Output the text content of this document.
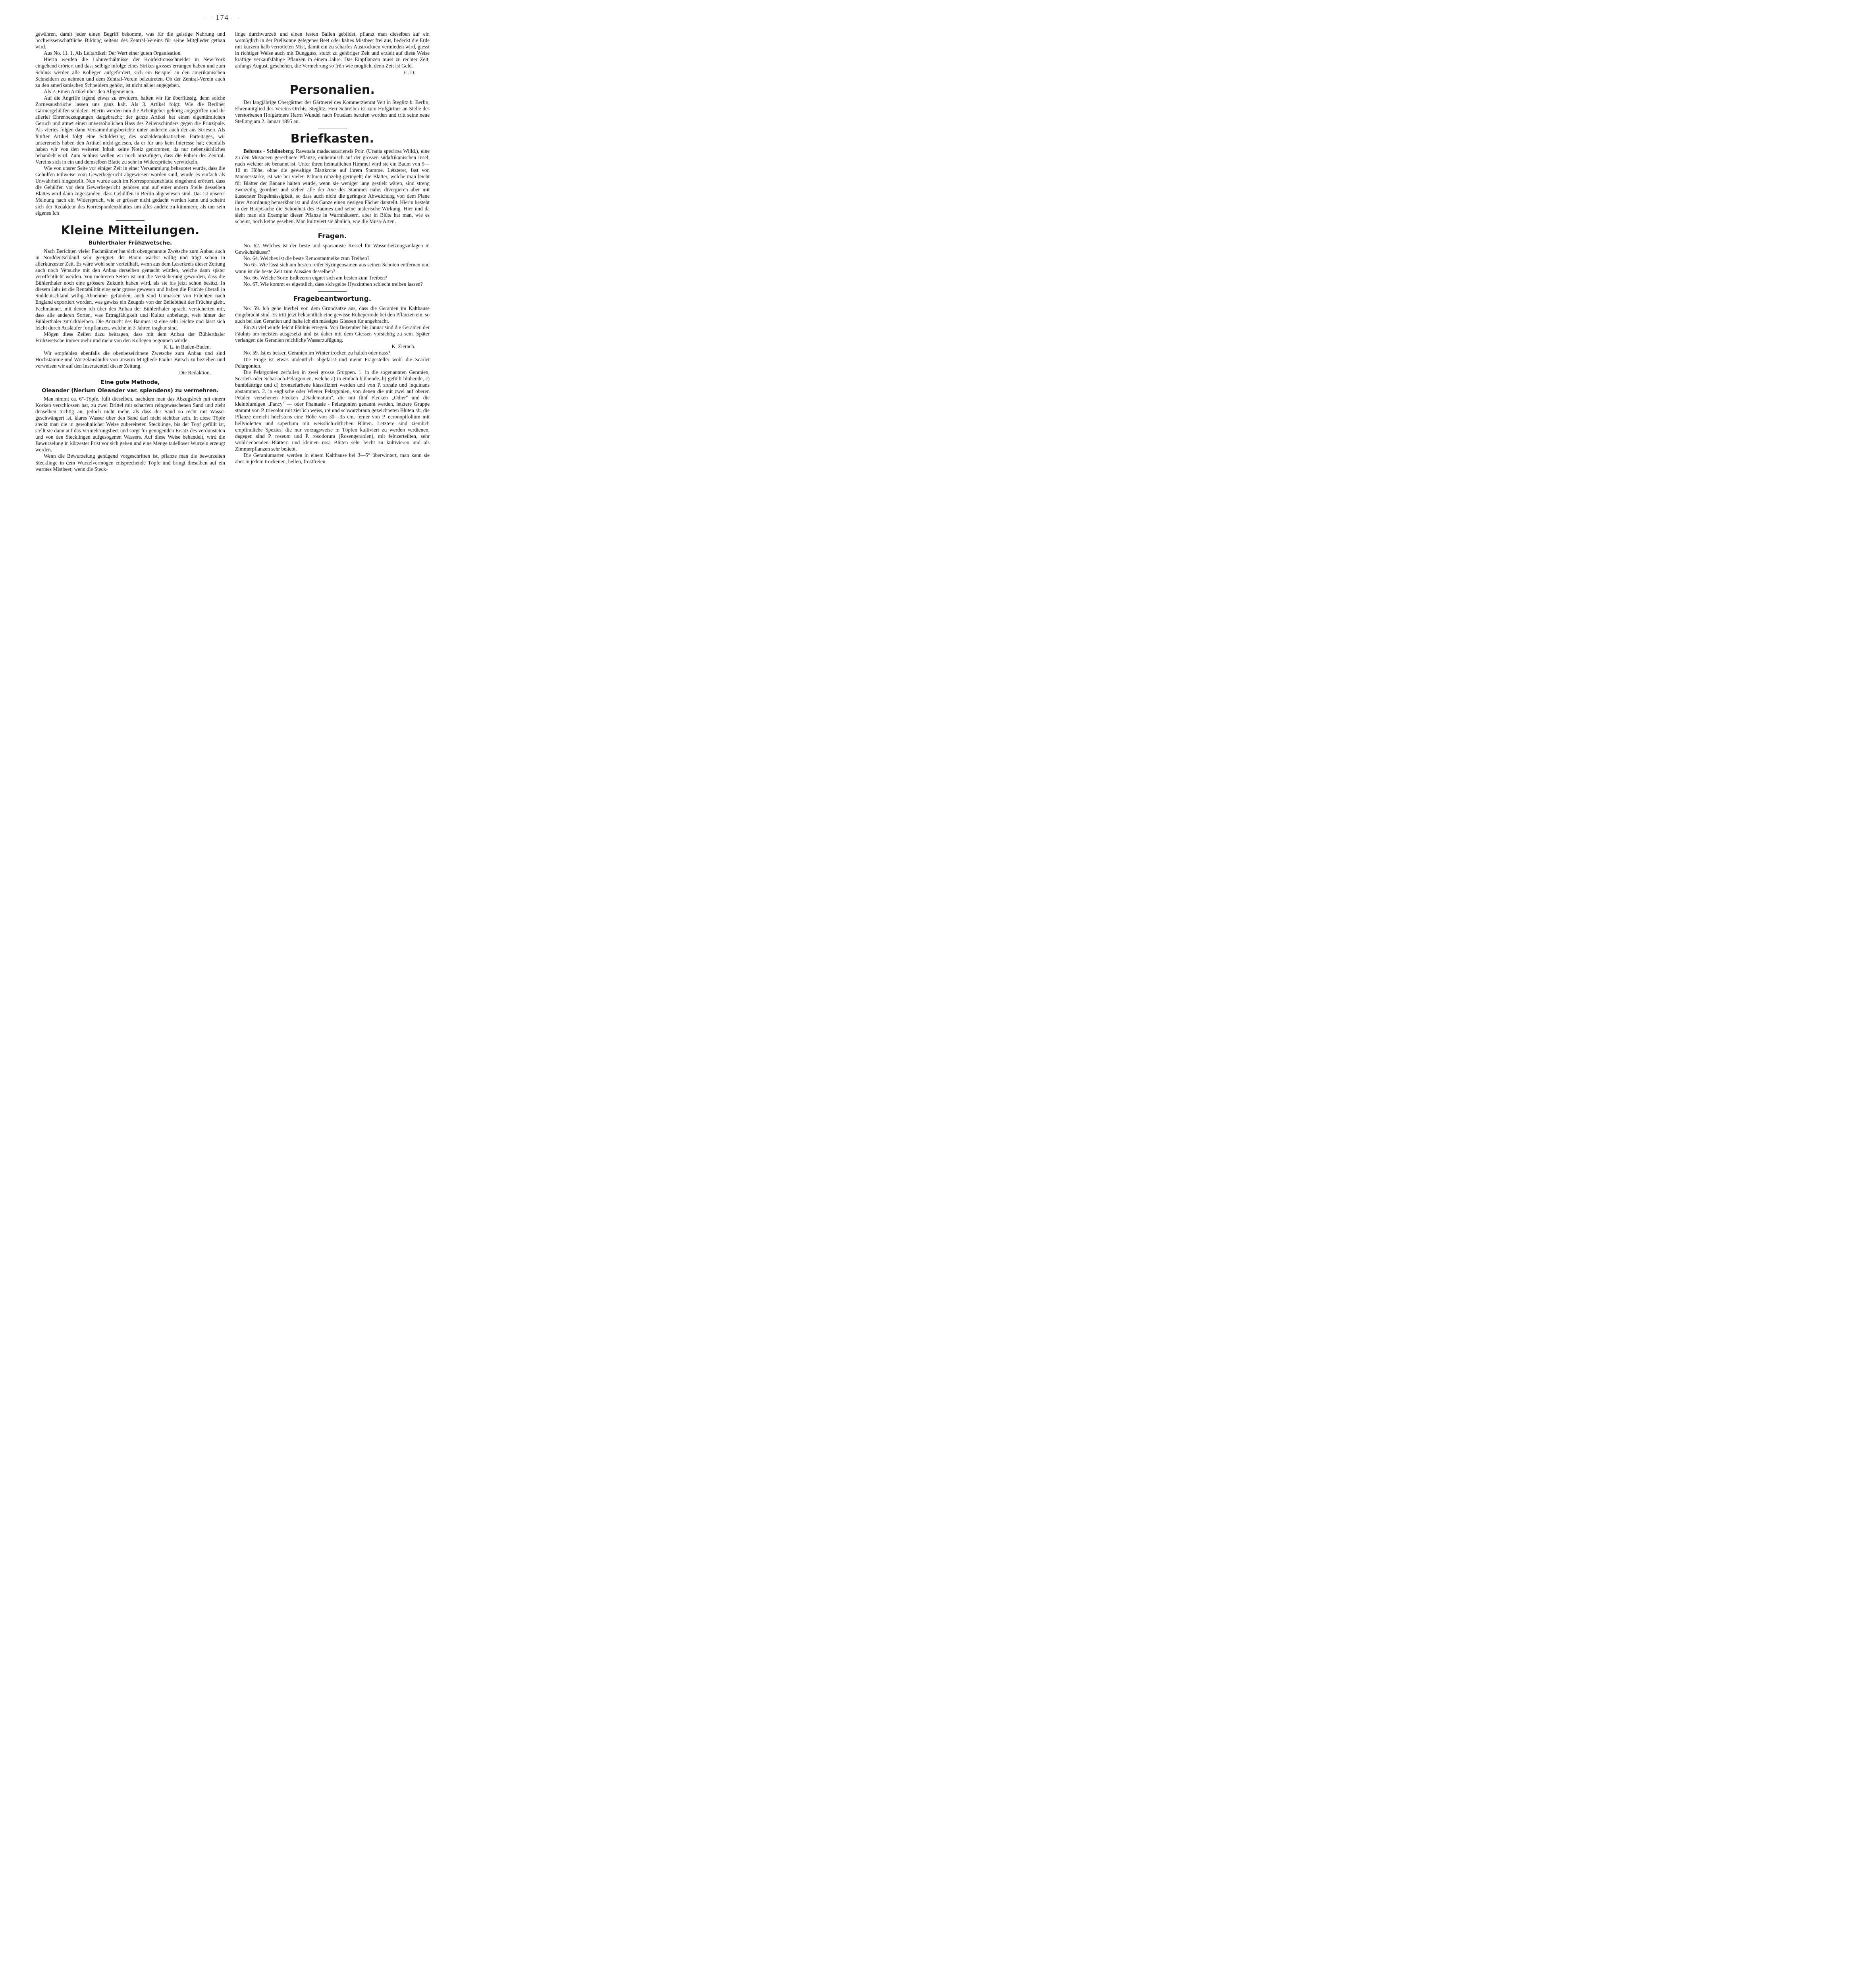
— 174 —

gewähren, damit jeder einen Begriff bekommt, was für die geistige Nahrung und hochwissenschaftliche Bildung seitens des Zentral-Vereins für seine Mitglieder gethan wird.

Aus No. 11. 1. Als Leitartikel: Der Wert einer guten Organisation.

Hierin werden die Lohnverhältnisse der Konfektionsschneider in New-York eingehend erörtert und dass selbige infolge eines Strikes grosses errungen haben und zum Schluss werden alle Kollegen aufgefordert, sich ein Beispiel an den amerikanischen Schneidern zu nehmen und dem Zentral-Verein beizutreten. Ob der Zentral-Verein auch zu den amerikanischen Schneidern gehört, ist nicht näher angegeben.

Als 2. Einen Artikel über den Allgemeinen.

Auf die Angriffe irgend etwas zu erwidern, halten wir für überflüssig, denn solche Zornesausbrüche lassen uns ganz kalt. Als 3. Artikel folgt: Wie die Berliner Gärtnergehülfen schlafen. Hierin werden nun die Arbeitgeber gehörig angegriffen und ihr allerlei Ehrenbezeugungen dargebracht; der ganze Artikel hat einen eigentümlichen Geruch und atmet einen unversöhnlichen Hass des Zeilenschinders gegen die Prinzipale. Als viertes folgen dann Versammlungsberichte unter anderem auch der aus Striesen. Als fünfter Artikel folgt eine Schilderung des sozialdemokratischen Parteitages, wir unsererseits haben den Artikel nicht gelesen, da er für uns kein Interesse hat; ebenfalls haben wir von den weiteren Inhalt keine Notiz genommen, da nur nebensächliches behandelt wird. Zum Schluss wollen wir noch hinzufügen, dass die Führer des Zentral-Vereins sich in ein und demselben Blatte zu sehr in Widersprüche verwickeln.

Wie von unsrer Seite vor einiger Zeit in einer Versammlung behauptet wurde, dass die Gehülfen teilweise vom Gewerbegericht abgewiesen worden sind, wurde es einfach als Unwahrheit hingestellt. Nun wurde auch im Korrespondenzblatte eingehend erörtert, dass die Gehülfen vor dem Gewerbegericht gehören und auf einer andern Stelle desselben Blattes wird dann zugestanden, dass Gehülfen in Berlin abgewiesen sind. Das ist unserer Meinung nach ein Widerspruch, wie er grösser nicht gedacht werden kann und scheint sich der Redakteur des Korrespondenzblattes um alles andere zu kümmern, als um sein eigenes Ich

Kleine Mitteilungen.
Bühlerthaler Frühzwetsche.

Nach Berichten vieler Fachmänner hat sich obengenannte Zwetsche zum Anbau auch in Norddeutschland sehr geeignet. der Baum wächst willig und trägt schon in allerkürzester Zeit. Es wäre wohl sehr vorteilhaft, wenn aus dem Leserkreis dieser Zeitung auch noch Versuche mit den Anbau derselben gemacht würden, welche dann später veröffentlicht werden. Von mehreren Seiten ist mir die Versicherung geworden, dass die Bühlerthaler noch eine grössere Zukunft haben wird, als sie bis jetzt schon besitzt. In diesem Jahr ist die Rentabilität eine sehr grosse gewesen und haben die Früchte überall in Süddeutschland willig Abnehmer gefunden, auch sind Unmassen von Früchten nach England exportiert worden, was gewiss ein Zeugnis von der Beliebtheit der Früchte giebt. Fachmänner, mit denen ich über den Anbau der Bühlerthaler sprach, versicherten mir, dass alle anderen Sorten, was Ertragfähigkeit und Kultur anbelangt, weit hinter der Bühlerthaler zurückbleiben. Die Anzucht des Baumes ist eine sehr leichte und lässt sich leicht durch Ausläufer fortpflanzen, welche in 3 Jahren tragbar sind.

Mögen diese Zeilen dazu beitragen, dass mit dem Anbau der Bühlerthaler Frühzwetsche immer mehr und mehr von den Kollegen begonnen würde.

K. L. in Baden-Baden.

Wir empfehlen ebenfalls die obenbezeichnete Zwetsche zum Anbau und sind Hochstämme und Wurzelausläufer von unserm Mitgliede Paulus Butsch zu beziehen und verweisen wir auf den Inseratenteil dieser Zeitung.

Die Redaktion.

Eine gute Methode,
Oleander (Nerium Oleander var. splendens) zu vermehren.

Man nimmt ca. 6"-Töpfe, füllt dieselben, nachdem man das Abzugsloch mit einem Korken verschlossen hat, zu zwei Drittel mit scharfem reingewaschenen Sand und zieht denselben tüchtig an, jedoch nicht mehr, als dass der Sand so recht mit Wasser geschwängert ist, klares Wasser über den Sand darf nicht sichtbar sein. In diese Töpfe steckt man die in gewöhnlicher Weise zubereiteten Stecklinge, bis der Topf gefüllt ist, stellt sie dann auf das Vermehrungsbeet und sorgt für genügenden Ersatz des verdunsteten und von den Stecklingen aufgesogenen Wassers. Auf diese Weise behandelt, wird die Bewurzelung in kürzester Frist vor sich gehen und eine Menge tadelloser Wurzeln erzeugt werden.

Wenn die Bewurzelung genügend vorgeschritten ist, pflanze man die bewurzelten Stecklinge in dem Wurzelvermögen entsprechende Töpfe und bringt dieselben auf ein warmes Mistbeet; wenn die Steck-

linge durchwurzelt und einen festen Ballen gebildet, pflanzt man dieselben auf ein womöglich in der Prellsonne gelegenes Beet oder kaltes Mistbeet frei aus, bedeckt die Erde mit kurzem halb verrotteten Mist, damit ein zu scharfes Austrocknen vermieden wird, giesst in richtiger Weise auch mit Dungguss, stutzt zu gehöriger Zeit und erzielt auf diese Weise kräftige verkaufsfähige Pflanzen in einem Jahre. Das Einpflanzen muss zu rechter Zeit, anfangs August, geschehen, die Vermehrung so früh wie möglich, denn Zeit ist Geld.

C. D.

Personalien.

Der langjährige Obergärtner der Gärtnerei des Kommerzienrat Veit in Steglitz b. Berlin, Ehrenmitglied des Vereins Orchis, Steglitz, Herr Schreiber ist zum Hofgärtner an Stelle des verstorbenen Hofgärtners Herrn Wundel nach Potsdam berufen worden und tritt seine neue Stellung am 2. Januar 1895 an.

Briefkasten.

Behrens - Schöneberg. Ravenala madacascariensis Poir. (Urania speciosa Willd.), eine zu den Musaceen gerechnete Pflanze, einheimisch auf der grossen südafrikanischen Insel, nach welcher sie benannt ist. Unter ihren heimatlichen Himmel wird sie ein Baum von 9—10 m Höhe, ohne die gewaltige Blattkrone auf ihrem Stamme. Letzterer, fast von Mannesstärke, ist wie bei vielen Palmen runzelig geringelt; die Blätter, welche man leicht für Blätter der Banane halten würde, wenn sie weniger lang gestielt wären, sind streng zweizeilig geordnet und stehen alle der Axe des Stammes nahe, divergieren aber mit äusserster Regelmässigkeit, so dass auch nicht die geringste Abweichung von dem Plane ihrer Anordnung bemerkbar ist und das Ganze einen riesigen Fächer darstellt. Hierin besteht in der Hauptsache die Schönheit des Baumes und seine malerische Wirkung. Hier und da sieht man ein Exemplar dieser Pflanze in Warmhäusern, aber in Blüte hat man, wie es scheint, noch keine gesehen. Man kultiviert sie ähnlich, wie die Musa-Arten.

Fragen.

No. 62. Welches ist der beste und sparsamste Kessel für Wasserheizungsanlagen in Gewächshäuser?

No. 64. Welches ist die beste Remontantnelke zum Treiben?

No 65. Wie lässt sich am besten reifer Syringensamen aus seinen Schoten entfernen und wann ist die beste Zeit zum Aussäen desselben?

No. 66. Welche Sorte Erdbeeren eignet sich am besten zum Treiben?

No. 67. Wie kommt es eigentlich, dass sich gelbe Hyazinthen schlecht treiben lassen?

Fragebeantwortung.

No. 59. Ich gehe hierbei von dem Grundsatze aus, dass die Geranien im Kalthause eingebracht sind. Es tritt jetzt bekanntlich eine gewisse Ruheperiode bei den Pflanzen ein, so auch bei den Geranien und halte ich ein mässiges Giessen für angebracht.

Ein zu viel würde leicht Fäulnis erregen. Von Dezember bis Januar sind die Geranien der Fäulnis am meisten ausgesetzt und ist daher mit dem Giessen vorsichtig zu sein. Später verlangen die Geranien reichliche Wasserzufügung.

K. Zierach.

No. 59. Ist es besser, Geranien im Winter trocken zu halten oder nass?

Die Frage ist etwas undeutlich abgefasst und meint Fragesteller wohl die Scarlet Pelargonien.

Die Pelargonien zerfallen in zwei grosse Gruppen. 1. in die sogenannten Geranien, Scarlets oder Scharlach-Pelargonien, welche a) in einfach blühende, b) gefüllt blühende, c) buntblättrige und d) bronzefarbene klassifiziert werden und von P. zonale und inquinans abstammen. 2. in englische oder Wiener Pelargonien, von denen die mit zwei auf oberen Petalen versehenen Flecken „Diadematum", die mit fünf Flecken „Odier" und die kleinblumigen „Fancy" — oder Phantasie - Pelargonien genannt werden, letztere Gruppe stammt von P. triecolor mit zierlich weiss, rot und schwarzbraun gezeichneten Blüten ab; die Pflanze erreicht höchstens eine Höhe von 30—35 cm, ferner von P. ecronopifolium mit hellvioletten und superbum mit weisslich-rötlichen Blüten. Letztere sind ziemlich empfindliche Spezies, die nur vorzugsweise in Töpfen kultiviert zu werden verdienen, dagegen sind P. roseum und P. rosodorum (Rosengeranien), mit feinzerteilten, sehr wohlriechenden Blättern und kleinen rosa Blüten sehr leicht zu kultivieren und als Zimmerpflanzen sehr beliebt.

Die Geraniumarten werden in einem Kalthause bei 3—5° überwintert, man kann sie aber in jedem trockenen, hellen, frostfreien
